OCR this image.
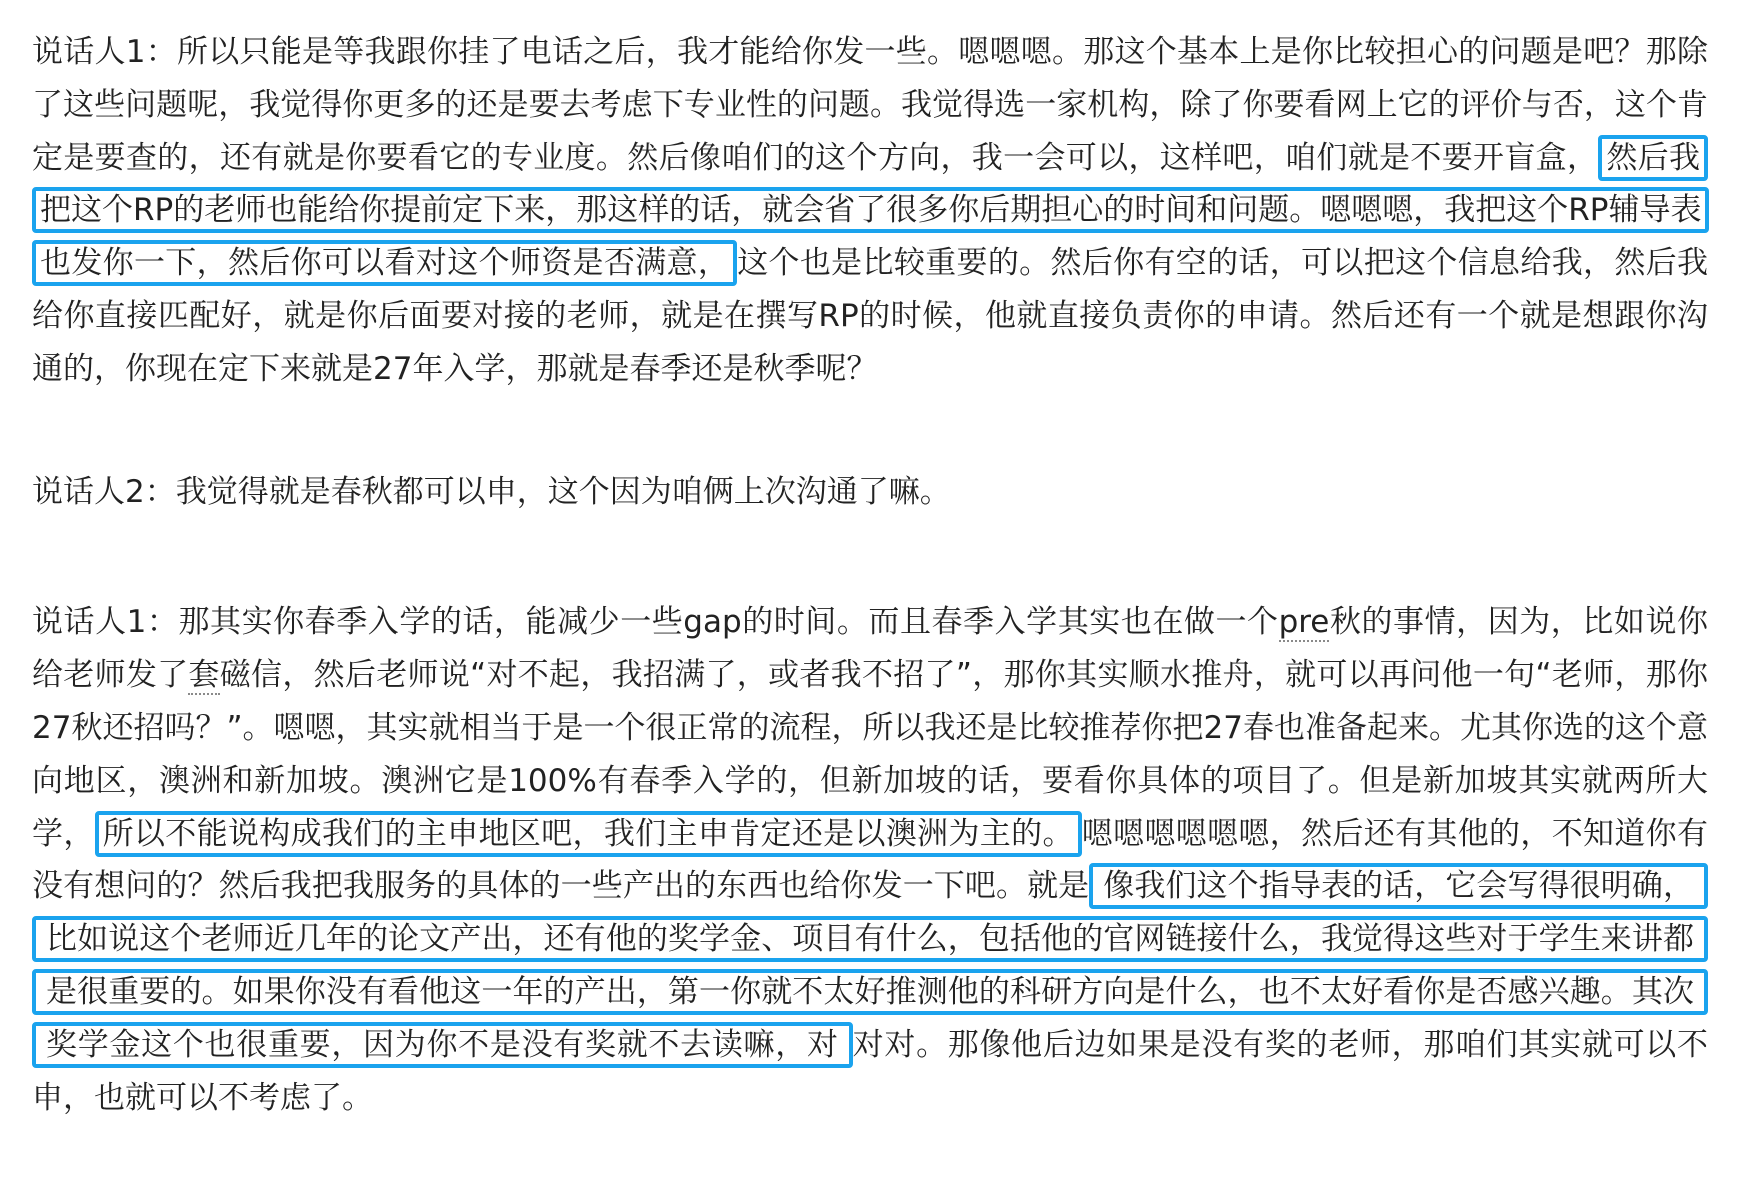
说话人1：所以只能是等我跟你挂了电话之后，我才能给你发一些。嗯嗯嗯。那这个基本上是你比较担心的问题是吧？那除了这些问题呢，我觉得你更多的还是要去考虑下专业性的问题。我觉得选一家机构，除了你要看网上它的评价与否，这个肯定是要查的，还有就是你要看它的专业度。然后像咱们的这个方向，我一会可以，这样吧，咱们就是不要开盲盒， 然后我把这个RP的老师也能给你提前定下来，那这样的话，就会省了很多你后期担心的时间和问题。嗯嗯嗯，我把这个RP辅导表也发你一下，然后你可以看对这个师资是否满意， 这个也是比较重要的。然后你有空的话，可以把这个信息给我，然后我给你直接匹配好，就是你后面要对接的老师，就是在撰写RP的时候，他就直接负责你的申请。然后还有一个就是想跟你沟通的，你现在定下来就是27年入学，那就是春季还是秋季呢？

说话人2：我觉得就是春秋都可以申，这个因为咱俩上次沟通了嘛。

说话人1：那其实你春季入学的话，能减少一些gap的时间。而且春季入学其实也在做一个pre秋的事情，因为，比如说你给老师发了套磁信，然后老师说“对不起，我招满了，或者我不招了”，那你其实顺水推舟，就可以再问他一句“老师，那你27秋还招吗？”。嗯嗯，其实就相当于是一个很正常的流程，所以我还是比较推荐你把27春也准备起来。尤其你选的这个意向地区，澳洲和新加坡。澳洲它是100%有春季入学的，但新加坡的话，要看你具体的项目了。但是新加坡其实就两所大学， 所以不能说构成我们的主申地区吧，我们主申肯定还是以澳洲为主的。 嗯嗯嗯嗯嗯嗯，然后还有其他的，不知道你有没有想问的？然后我把我服务的具体的一些产出的东西也给你发一下吧。就是 像我们这个指导表的话，它会写得很明确，比如说这个老师近几年的论文产出，还有他的奖学金、项目有什么，包括他的官网链接什么，我觉得这些对于学生来讲都是很重要的。如果你没有看他这一年的产出，第一你就不太好推测他的科研方向是什么，也不太好看你是否感兴趣。其次奖学金这个也很重要，因为你不是没有奖就不去读嘛，对 对对。那像他后边如果是没有奖的老师，那咱们其实就可以不申，也就可以不考虑了。
